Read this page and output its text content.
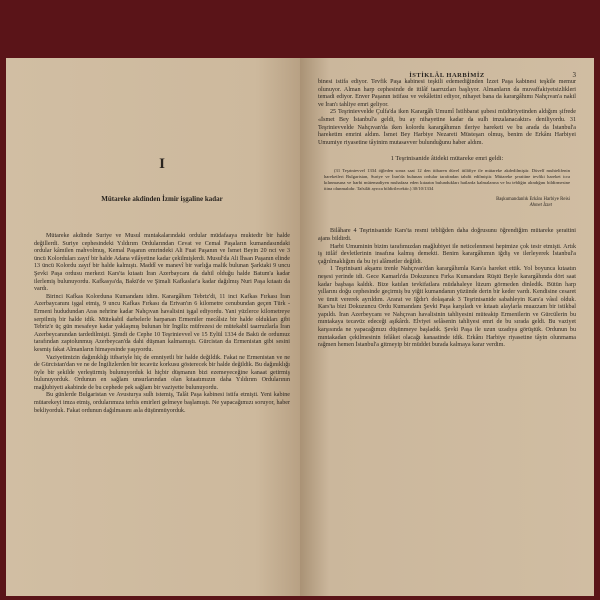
I
Mütareke akdinden İzmir işgaline kadar

Mütareke akdinde Suriye ve Musul mıntakalarındaki ordular müdafaaya muktedir bir halde değillerdi. Suriye cephesindeki Yıldırım Ordularından Cevat ve Cemal Paşaların kumandasındaki ordular kâmilen mahvolmuş, Kemal Paşanın emrindeki Ali Fuat Paşanın ve İsmet Beyin 20 nci ve 3 üncü Kolorduları zayıf bir halde Adana vilâyetine kadar çekilmişlerdi. Musul'da Ali İhsan Paşanın elinde 13 üncü Kolordu zayıf bir halde kalmıştı. Maddî ve manevî bir varlığa malik bulunan Şarktaki 9 uncu Şevki Paşa ordusu merkezi Kars'ta kıtaatı İran Azerbaycanı da dahil olduğu halde Batum'a kadar ilerlemiş bulunuyordu. Kafkasya'da, Bakü'de ve Şimali Kafkaslar'a kadar dağılmış Nuri Paşa kıtaatı da vardı.

Birinci Kafkas Kolorduna Kumandanı idim. Karargâhım Tebriz'di, 11 inci Kafkas Fırkası İran Azerbaycanını işgal etmiş, 9 uncu Kafkas Fırkası da Erivan'ın 6 kilometre cenubundan geçen Türk - Ermeni hududundan Aras nehrine kadar Nahçıvan havalisini işgal ediyordu. Yani yüzlerce kilometreye serpilmiş bir halde idik. Mütekabil darbelerle harpanan Ermeniler mecâlsiz bir halde oldukları gibi Tebriz'e üç gün mesafeye kadar yaklaşmış bulunan bir İngiliz müfrezesi de mütekabil taarruzlarla İran Azerbeycanından tardedilmişti. Şimdi de Cephe 10 Teşrinievvel ve 15 Eylül 1334 de Bakü de ordumuz tarafından zaptolunmuş Azerbeycan'da dahi düşman kalmamıştı. Gürcistan da Ermenistan gibi sesini kesmiş fakat Almanların himayesinde yaşıyordu.

Vaziyetimizin dağınıklığı itibariyle hiç de emniyetli bir halde değildik. Fakat ne Ermenistan ve ne de Gürcistan'dan ve ne de İngilizlerden bir tecavüz korkusu gösterecek bir halde değildik. Bu dağınıklığı öyle bir şekilde yerleştirmiş bulunuyorduk ki hiçbir düşmanın bizi ezemeyeceğine kanaat getirmiş bulunuyorduk. Ordunun en sağlam unsurlarından olan kıtaatımızın daha Yıldırım Ordularının mağlubiyeti akabinde de bu cephede pek sağlam bir vaziyette bulunuyordu.

Bu günlerde Bulgaristan ve Avusturya sulh istemiş, Talât Paşa kabinesi istifa etmişti. Yeni kabine mütarekeyi imza etmiş, ordularımıza terhis emirleri gelmeye başlamıştı. Ne yapacağımızı soruyor, haber bekliyorduk. Fakat ordunun dağılmasını asla düşünmüyorduk.

İSTİKLÂL HARBİMİZ	3

binesi istifa ediyor. Tevfik Paşa kabinesi teşkili edemediğinden İzzet Paşa kabinesi teşkile memur olunuyor. Alman harp cephesinde de itilâf taarruzları başlıyor. Almanların da muvaffakiyetsizlikleri temadi ediyor. Enver Paşanın istifası ve vekâletini ediyor, nihayet bana da karargâhımı Nahçıvan'a nakil ve İran'ı tahliye emri geliyor.

25 Teşrinievvelde Çulfa'da iken Karargâh Umumî İstihbarat şubesi müdüriyetinden aldığım şifrede «İsmet Bey İstanbul'a geldi, bu ay nihayetine kadar da sulh imzalanacaktır» deniliyordu. 31 Teşrinievvelde Nahçıvan'da iken kolordu karargâhımın ileriye hareketi ve bu arada da İstanbul'a hareketim emrini aldım. İsmet Bey Harbiye Nezareti Müsteşarı olmuş, benim de Erkânı Harbiyei Umumiye riyasetine tâyinim mutasavver bulunduğunu haber aldım.

1 Teşrinisanide âtideki mütareke emri geldi:

(31 Teşrinievvel 1334 öğleden sonra saat 12 den itibaren düvel itilâfiye ile mütareke akdedilmiştir. Düvelî muhtelifenin hareketleri Bulgaristan, Suriye ve İran'da bulunan ordular tarafından tahdit edilmiştir. Mütareke şeraitine tevfiki hareket icra kılınmasına ve harbi mütemadiyen muhafaza eden kıtaatın bulundukları hatlarda kalmalarına ve bu tebliğin alındığını bildirmesine itina olunmalıdır. Tafsilât ayrıca bildirilecektir.) 30/10/1334

Başkumandanlık Erkânı Harbiye Reisi
Ahmet İzzet

Bilâhare 4 Teşrinisanide Kars'ta resmi tebliğden daha doğrusunu öğrendiğim mütareke şeraitini ajans bildirdi.

Harbi Umuminin bizim tarafımızdan mağlubiyet ile neticelenmesi hepimize çok tesir etmişti. Artık iş itilâf devletlerinin insafına kalmış demekti. Benim karargâhımın iğdiş ve ilerleyerek İstanbul'a çağrılmaklığım da bu iyi alâmetler değildi.

1 Teşrinisani akşamı trenle Nahçıvan'dan karargâhımla Kars'a hareket ettik. Yol boyunca kıtaatın neşesi yerinde idi. Gece Kamarlı'da Dokuzuncu Fırka Kumandanı Rüştü Beyle karargâhında dört saat kadar başbaşa kaldık. Bize katılan tevkifatlara müdahaleye lüzum görmeden dinledik. Bütün harp yıllarını doğu cephesinde geçirmiş bu yiğit kumandanın yüzünde derin bir keder vardı. Kendisine cesaret ve ümit vererek ayrıldım. Ararat ve Iğdır'ı dolaşarak 3 Teşrinisanide sabahleyin Kars'a vâsıl olduk. Kars'ta bizi Dokuzuncu Ordu Kumandanı Şevki Paşa karşıladı ve kıtaatı alaylarla muazzam bir istikbal yapıldı. İran Azerbeycanı ve Nahçıvan havalisinin tahliyesini müteakip Ermenilerin ve Gürcülerin bu mıntakaya tecavüz edeceği aşikârdı. Elviyei selâsenin tahliyesi emri de bu sırada geldi. Bu vaziyet karşısında ne yapacağımızı düşünmeye başladık. Şevki Paşa ile uzun uzadıya görüştük. Ordunun bu mıntakadan çekilmesinin felâket olacağı kanaatinde idik. Erkânı Harbiye riyasetine tâyin olunmama rağmen hemen İstanbul'a gitmeyip bir müddet burada kalmaya karar verdim.
